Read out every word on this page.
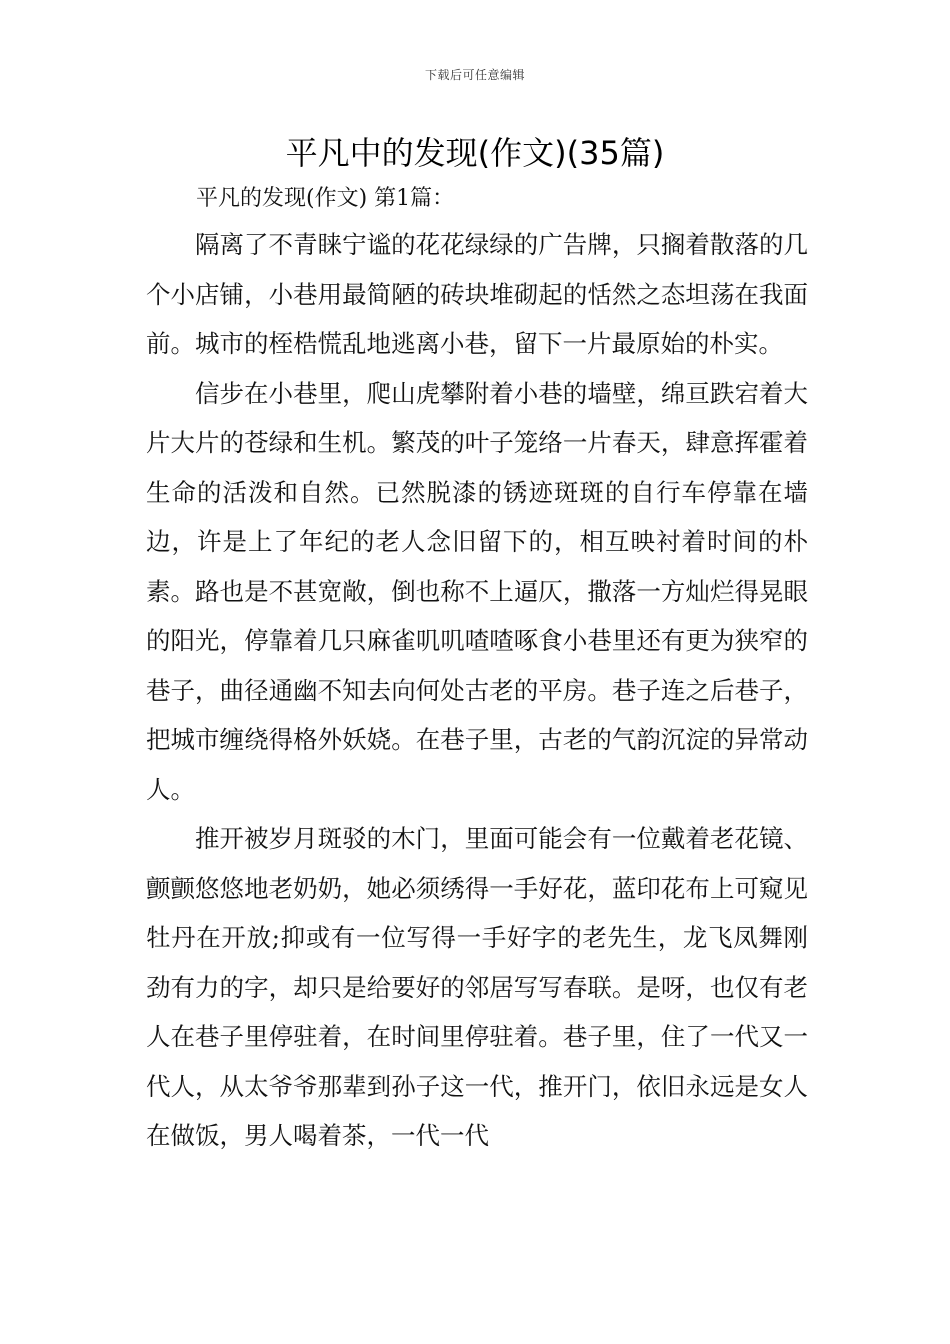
下载后可任意编辑
平凡中的发现(作文)(35篇)
平凡的发现(作文) 第1篇：

隔离了不青睐宁谧的花花绿绿的广告牌，只搁着散落的几个小店铺，小巷用最简陋的砖块堆砌起的恬然之态坦荡在我面前。城市的桎梏慌乱地逃离小巷，留下一片最原始的朴实。

信步在小巷里，爬山虎攀附着小巷的墙壁，绵亘跌宕着大片大片的苍绿和生机。繁茂的叶子笼络一片春天，肆意挥霍着生命的活泼和自然。已然脱漆的锈迹斑斑的自行车停靠在墙边，许是上了年纪的老人念旧留下的，相互映衬着时间的朴素。路也是不甚宽敞，倒也称不上逼仄，撒落一方灿烂得晃眼的阳光，停靠着几只麻雀叽叽喳喳啄食小巷里还有更为狭窄的巷子，曲径通幽不知去向何处古老的平房。巷子连之后巷子，把城市缠绕得格外妖娆。在巷子里，古老的气韵沉淀的异常动人。

推开被岁月斑驳的木门，里面可能会有一位戴着老花镜、颤颤悠悠地老奶奶，她必须绣得一手好花，蓝印花布上可窥见牡丹在开放;抑或有一位写得一手好字的老先生，龙飞凤舞刚劲有力的字，却只是给要好的邻居写写春联。是呀，也仅有老人在巷子里停驻着，在时间里停驻着。巷子里，住了一代又一代人，从太爷爷那辈到孙子这一代，推开门，依旧永远是女人在做饭，男人喝着茶，一代一代
